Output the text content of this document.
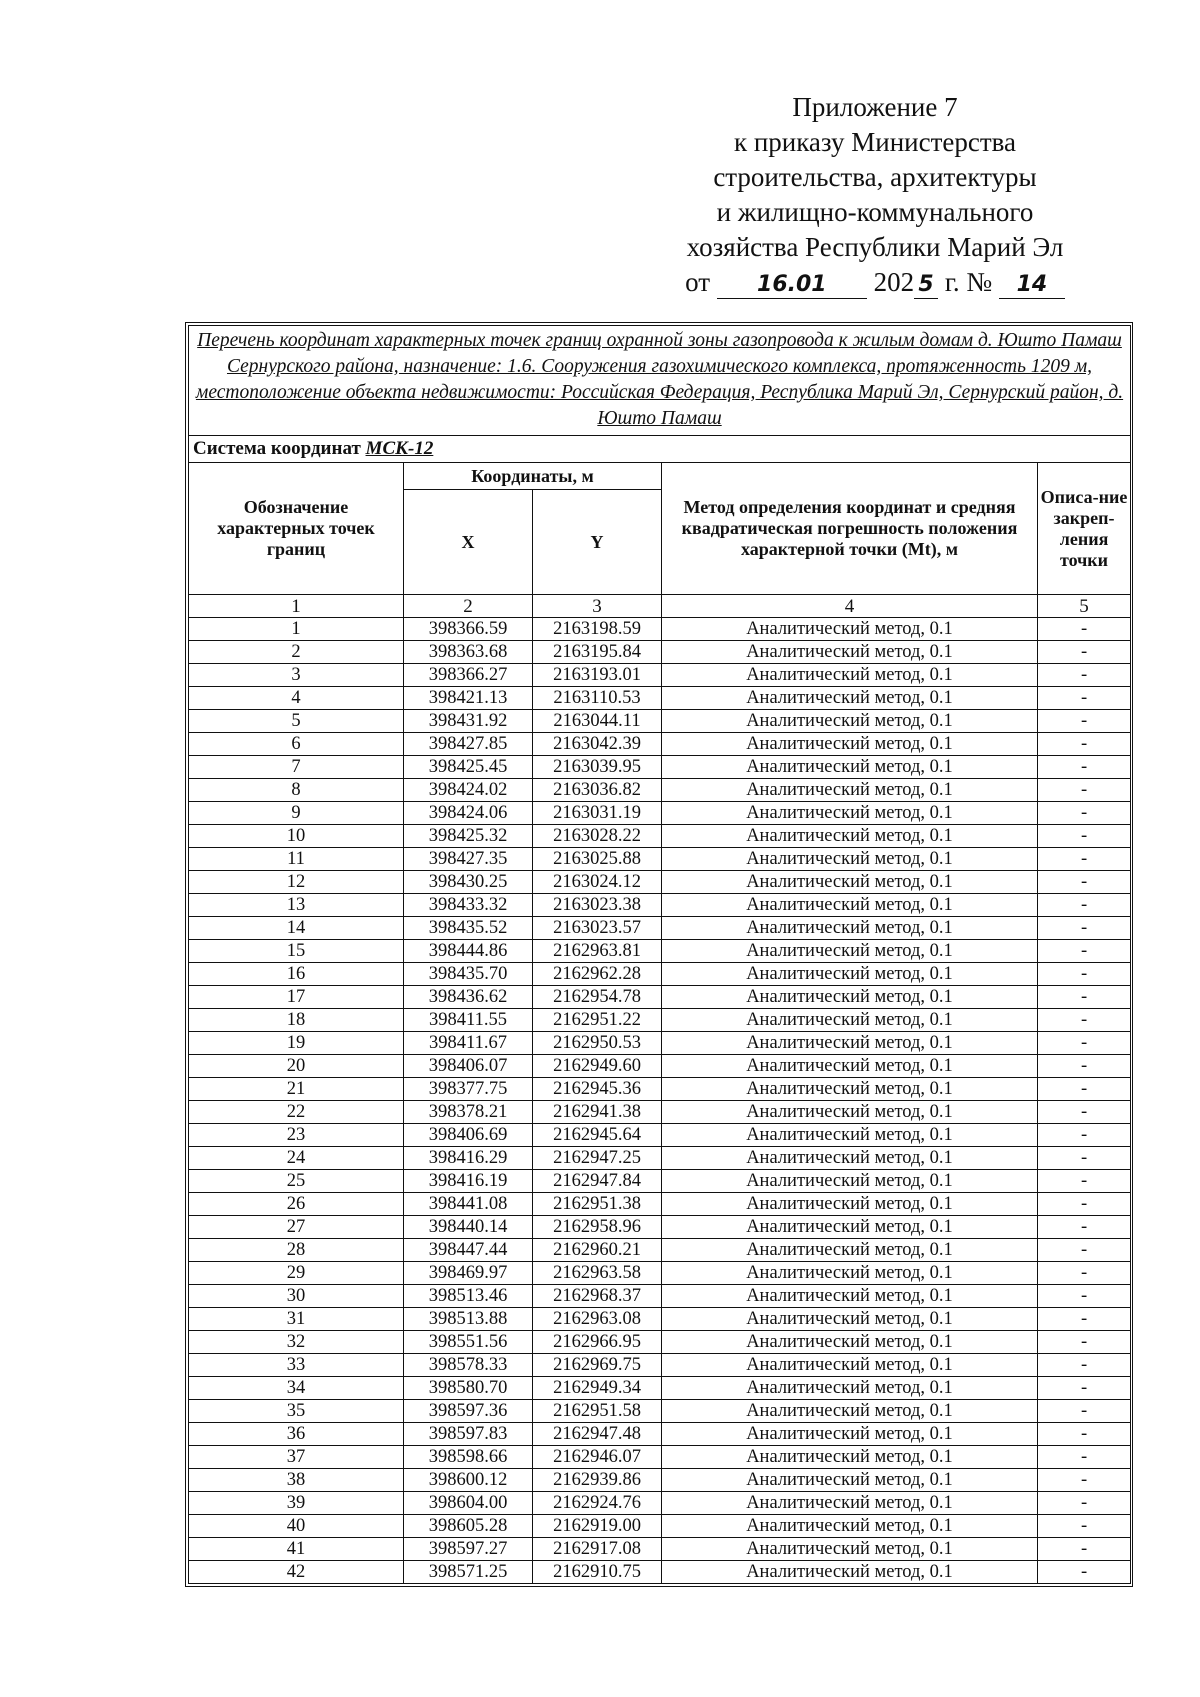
Приложение 7
к приказу Министерства
строительства, архитектуры
и жилищно-коммунального
хозяйства Республики Марий Эл
от 16.01 202 5 г. № 14
Перечень координат характерных точек границ охранной зоны газопровода к жилым домам д. Юшто Памаш Сернурского района, назначение: 1.6. Сооружения газохимического комплекса, протяженность 1209 м, местоположение объекта недвижимости: Российская Федерация, Республика Марий Эл, Сернурский район, д. Юшто Памаш				
Система координат МСК-12				
Обозначение характерных точек границ	Координаты, м		Метод определения координат и средняя квадратическая погрешность положения характерной точки (Mt), м	Описа-ние закреп-ления точки
	X	Y		
1	2	3	4	5
1	398366.59	2163198.59	Аналитический метод, 0.1	-
2	398363.68	2163195.84	Аналитический метод, 0.1	-
3	398366.27	2163193.01	Аналитический метод, 0.1	-
4	398421.13	2163110.53	Аналитический метод, 0.1	-
5	398431.92	2163044.11	Аналитический метод, 0.1	-
6	398427.85	2163042.39	Аналитический метод, 0.1	-
7	398425.45	2163039.95	Аналитический метод, 0.1	-
8	398424.02	2163036.82	Аналитический метод, 0.1	-
9	398424.06	2163031.19	Аналитический метод, 0.1	-
10	398425.32	2163028.22	Аналитический метод, 0.1	-
11	398427.35	2163025.88	Аналитический метод, 0.1	-
12	398430.25	2163024.12	Аналитический метод, 0.1	-
13	398433.32	2163023.38	Аналитический метод, 0.1	-
14	398435.52	2163023.57	Аналитический метод, 0.1	-
15	398444.86	2162963.81	Аналитический метод, 0.1	-
16	398435.70	2162962.28	Аналитический метод, 0.1	-
17	398436.62	2162954.78	Аналитический метод, 0.1	-
18	398411.55	2162951.22	Аналитический метод, 0.1	-
19	398411.67	2162950.53	Аналитический метод, 0.1	-
20	398406.07	2162949.60	Аналитический метод, 0.1	-
21	398377.75	2162945.36	Аналитический метод, 0.1	-
22	398378.21	2162941.38	Аналитический метод, 0.1	-
23	398406.69	2162945.64	Аналитический метод, 0.1	-
24	398416.29	2162947.25	Аналитический метод, 0.1	-
25	398416.19	2162947.84	Аналитический метод, 0.1	-
26	398441.08	2162951.38	Аналитический метод, 0.1	-
27	398440.14	2162958.96	Аналитический метод, 0.1	-
28	398447.44	2162960.21	Аналитический метод, 0.1	-
29	398469.97	2162963.58	Аналитический метод, 0.1	-
30	398513.46	2162968.37	Аналитический метод, 0.1	-
31	398513.88	2162963.08	Аналитический метод, 0.1	-
32	398551.56	2162966.95	Аналитический метод, 0.1	-
33	398578.33	2162969.75	Аналитический метод, 0.1	-
34	398580.70	2162949.34	Аналитический метод, 0.1	-
35	398597.36	2162951.58	Аналитический метод, 0.1	-
36	398597.83	2162947.48	Аналитический метод, 0.1	-
37	398598.66	2162946.07	Аналитический метод, 0.1	-
38	398600.12	2162939.86	Аналитический метод, 0.1	-
39	398604.00	2162924.76	Аналитический метод, 0.1	-
40	398605.28	2162919.00	Аналитический метод, 0.1	-
41	398597.27	2162917.08	Аналитический метод, 0.1	-
42	398571.25	2162910.75	Аналитический метод, 0.1	-
